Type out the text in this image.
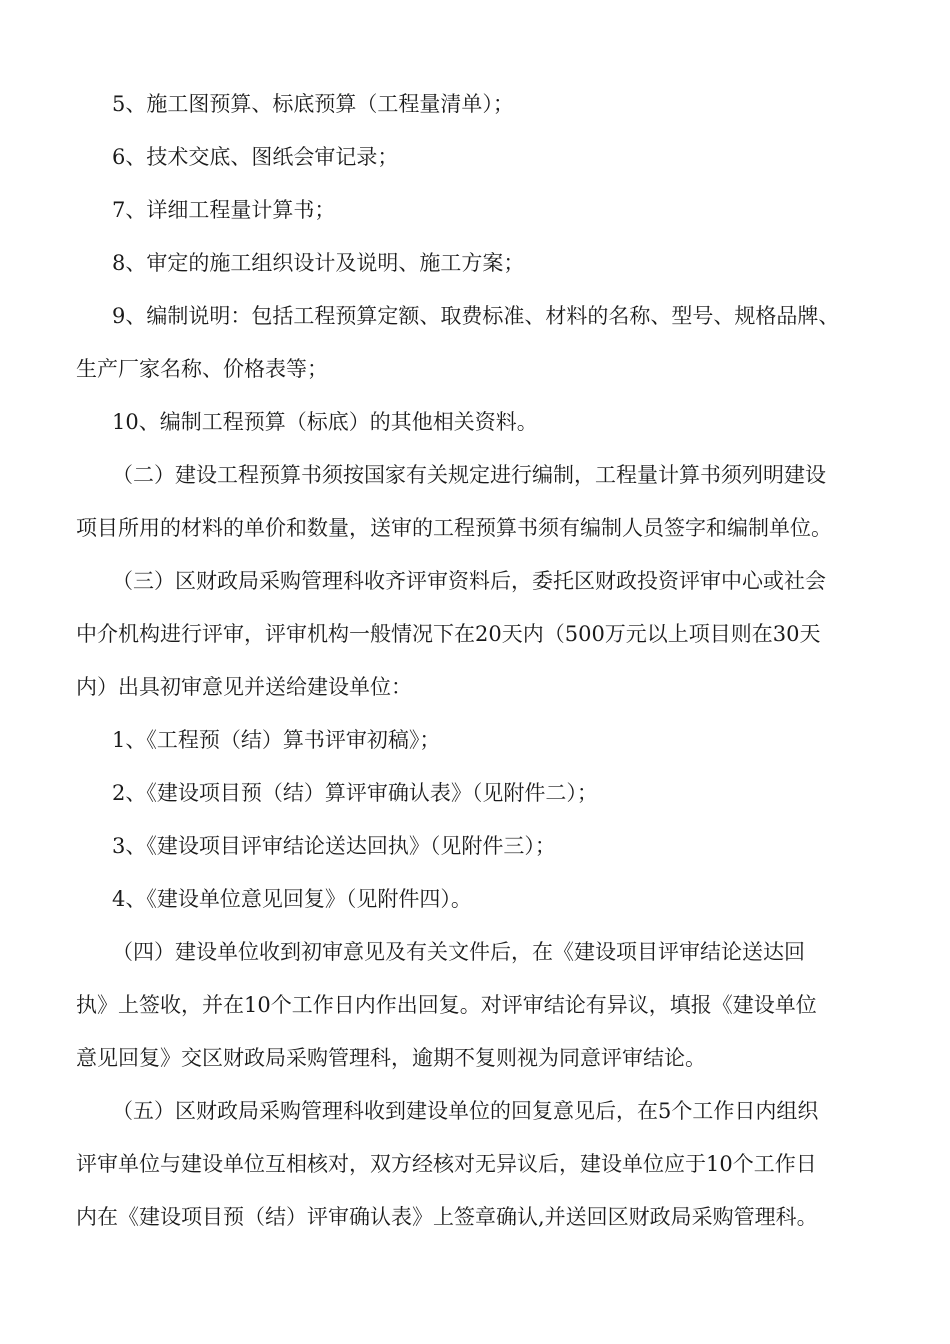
5、施工图预算、标底预算（工程量清单）；

6、技术交底、图纸会审记录；

7、详细工程量计算书；

8、审定的施工组织设计及说明、施工方案；

9、编制说明：包括工程预算定额、取费标准、材料的名称、型号、规格品牌、
生产厂家名称、价格表等；

10、编制工程预算（标底）的其他相关资料。

（二）建设工程预算书须按国家有关规定进行编制，工程量计算书须列明建设
项目所用的材料的单价和数量，送审的工程预算书须有编制人员签字和编制单位。

（三）区财政局采购管理科收齐评审资料后，委托区财政投资评审中心或社会
中介机构进行评审，评审机构一般情况下在20天内（500万元以上项目则在30天
内）出具初审意见并送给建设单位：

1、《工程预（结）算书评审初稿》；

2、《建设项目预（结）算评审确认表》（见附件二）；

3、《建设项目评审结论送达回执》（见附件三）；

4、《建设单位意见回复》（见附件四）。

（四）建设单位收到初审意见及有关文件后，在《建设项目评审结论送达回
执》上签收，并在10个工作日内作出回复。对评审结论有异议，填报《建设单位
意见回复》交区财政局采购管理科，逾期不复则视为同意评审结论。

（五）区财政局采购管理科收到建设单位的回复意见后，在5个工作日内组织
评审单位与建设单位互相核对，双方经核对无异议后，建设单位应于10个工作日
内在《建设项目预（结）评审确认表》上签章确认,并送回区财政局采购管理科。
